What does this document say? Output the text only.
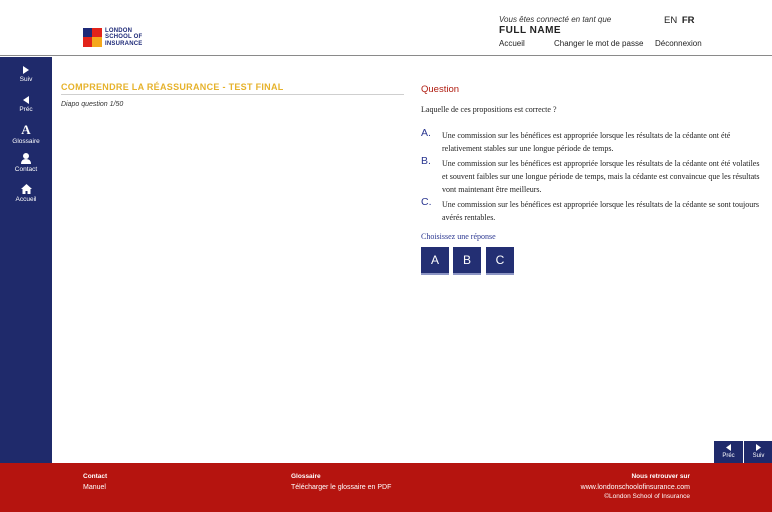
LONDON
SCHOOL OF
INSURANCE
Vous êtes connecté en tant que
FULL NAME
EN FR
Accueil	Changer le mot de passe Déconnexion
Suiv
Préc
A
Glossaire
Contact
Accueil
COMPRENDRE LA RÉASSURANCE - TEST FINAL
Diapo question 1/50
Question
Laquelle de ces propositions est correcte ?
A. Une commission sur les bénéfices est appropriée lorsque les résultats de la cédante ont été relativement stables sur une longue période de temps.
B. Une commission sur les bénéfices est appropriée lorsque les résultats de la cédante ont été volatiles et souvent faibles sur une longue période de temps, mais la cédante est convaincue que les résultats vont maintenant être meilleurs.
C. Une commission sur les bénéfices est appropriée lorsque les résultats de la cédante se sont toujours avérés rentables.
Choisissez une réponse
A	B	C
Préc	Suiv
Contact
Manuel
Glossaire
Télécharger le glossaire en PDF
Nous retrouver sur
www.londonschoolofinsurance.com
©London School of Insurance
